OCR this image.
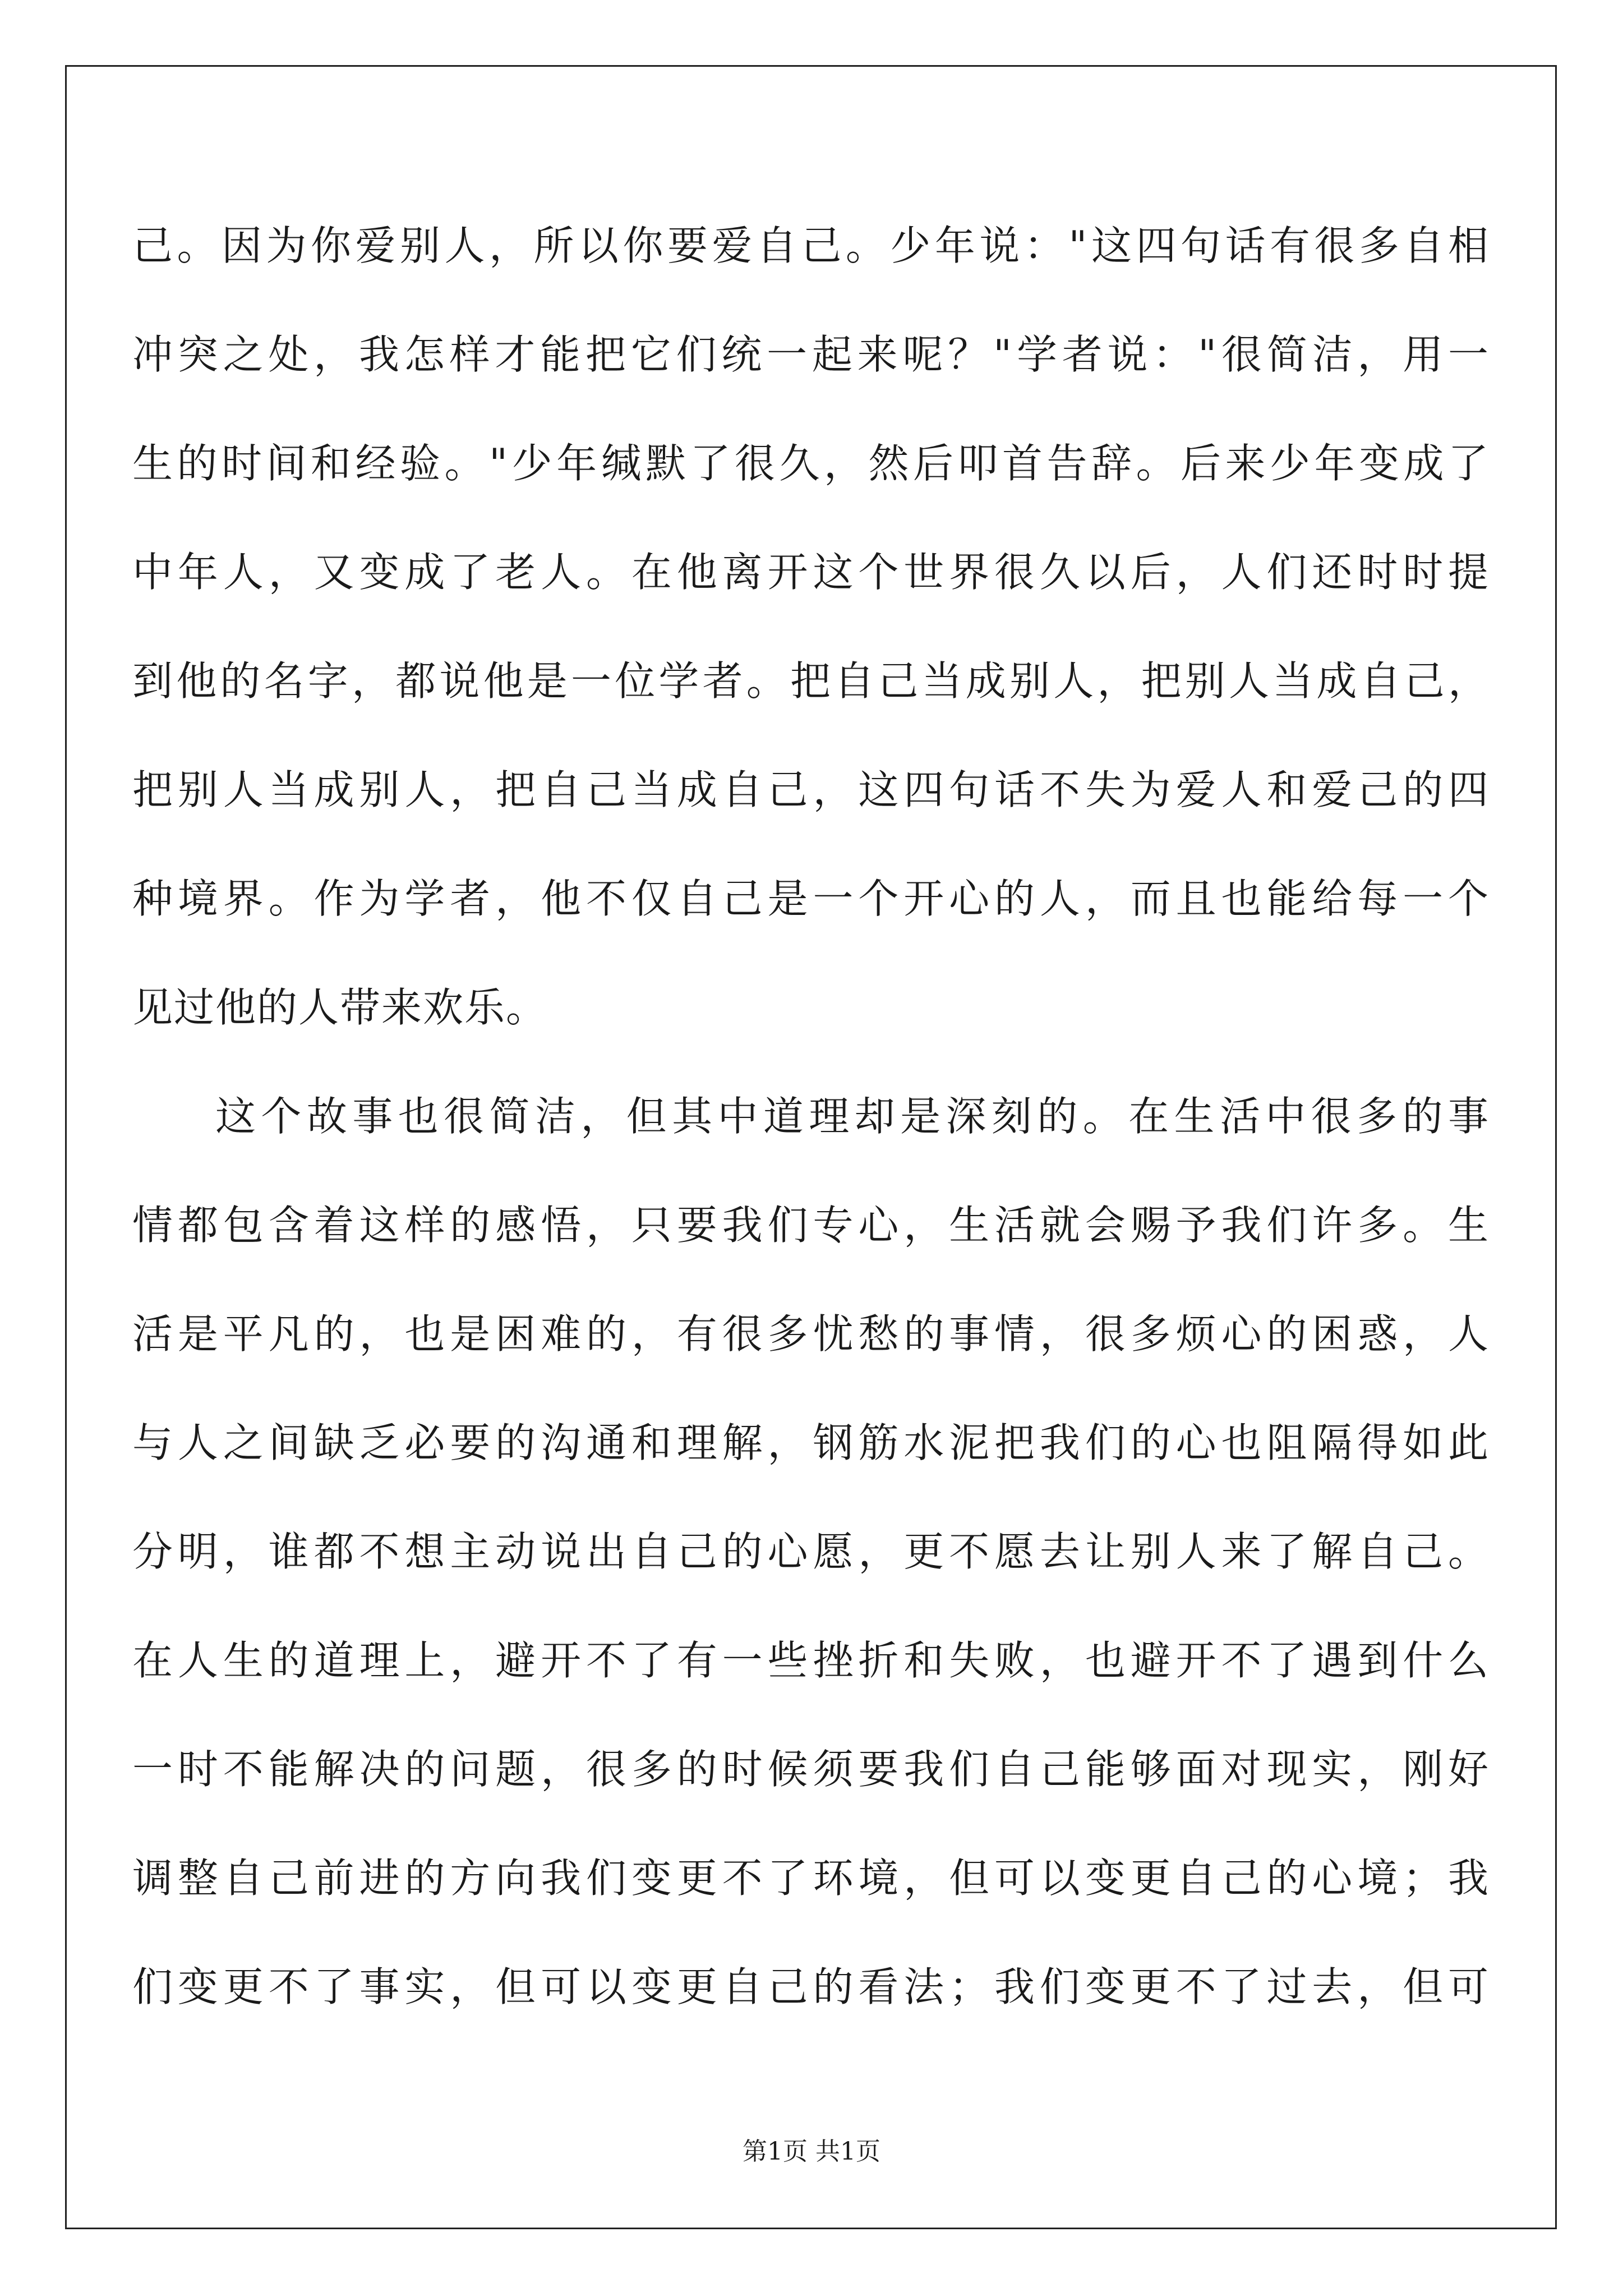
己。因为你爱别人，所以你要爱自己。少年说："这四句话有很多自相
冲突之处，我怎样才能把它们统一起来呢？"学者说："很简洁，用一
生的时间和经验。"少年缄默了很久，然后叩首告辞。后来少年变成了
中年人，又变成了老人。在他离开这个世界很久以后，人们还时时提
到他的名字，都说他是一位学者。把自己当成别人，把别人当成自己，
把别人当成别人，把自己当成自己，这四句话不失为爱人和爱己的四
种境界。作为学者，他不仅自己是一个开心的人，而且也能给每一个
见过他的人带来欢乐。
这个故事也很简洁，但其中道理却是深刻的。在生活中很多的事
情都包含着这样的感悟，只要我们专心，生活就会赐予我们许多。生
活是平凡的，也是困难的，有很多忧愁的事情，很多烦心的困惑，人
与人之间缺乏必要的沟通和理解，钢筋水泥把我们的心也阻隔得如此
分明，谁都不想主动说出自己的心愿，更不愿去让别人来了解自己。
在人生的道理上，避开不了有一些挫折和失败，也避开不了遇到什么
一时不能解决的问题，很多的时候须要我们自己能够面对现实，刚好
调整自己前进的方向我们变更不了环境，但可以变更自己的心境；我
们变更不了事实，但可以变更自己的看法；我们变更不了过去，但可
第1页 共1页
